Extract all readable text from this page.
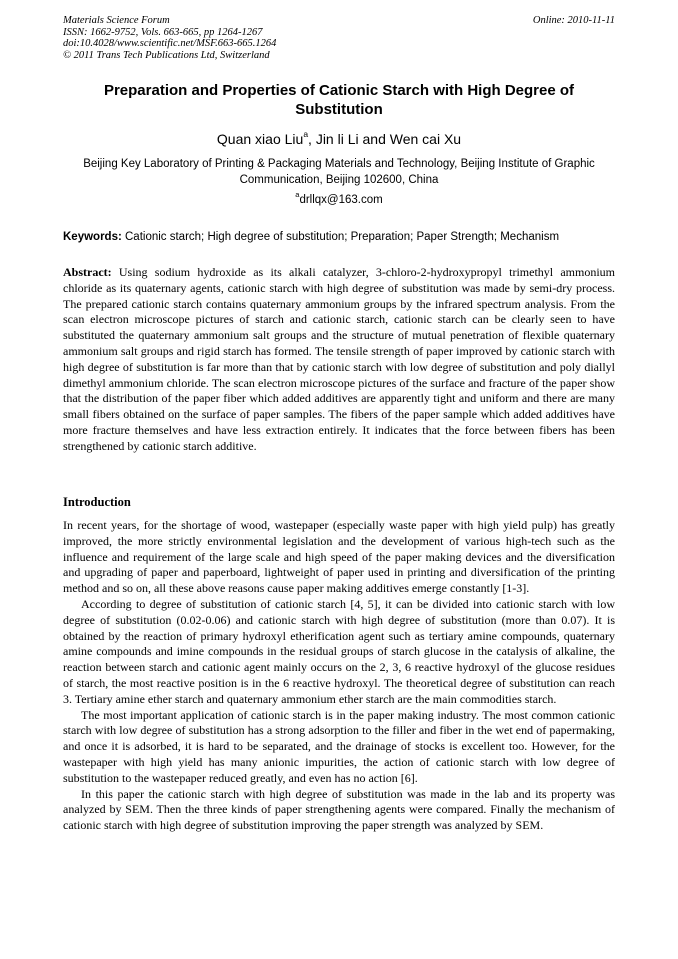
Materials Science Forum
ISSN: 1662-9752, Vols. 663-665, pp 1264-1267
doi:10.4028/www.scientific.net/MSF.663-665.1264
© 2011 Trans Tech Publications Ltd, Switzerland
Online: 2010-11-11
Preparation and Properties of Cationic Starch with High Degree of Substitution
Quan xiao Liu$^a$, Jin li Li and Wen cai Xu
Beijing Key Laboratory of Printing & Packaging Materials and Technology, Beijing Institute of Graphic Communication, Beijing 102600, China
$^a$drllqx@163.com
Keywords: Cationic starch; High degree of substitution; Preparation; Paper Strength; Mechanism
Abstract: Using sodium hydroxide as its alkali catalyzer, 3-chloro-2-hydroxypropyl trimethyl ammonium chloride as its quaternary agents, cationic starch with high degree of substitution was made by semi-dry process. The prepared cationic starch contains quaternary ammonium groups by the infrared spectrum analysis. From the scan electron microscope pictures of starch and cationic starch, cationic starch can be clearly seen to have substituted the quaternary ammonium salt groups and the structure of mutual penetration of flexible quaternary ammonium salt groups and rigid starch has formed. The tensile strength of paper improved by cationic starch with high degree of substitution is far more than that by cationic starch with low degree of substitution and poly diallyl dimethyl ammonium chloride. The scan electron microscope pictures of the surface and fracture of the paper show that the distribution of the paper fiber which added additives are apparently tight and uniform and there are many small fibers obtained on the surface of paper samples. The fibers of the paper sample which added additives have more fracture themselves and have less extraction entirely. It indicates that the force between fibers has been strengthened by cationic starch additive.
Introduction

In recent years, for the shortage of wood, wastepaper (especially waste paper with high yield pulp) has greatly improved, the more strictly environmental legislation and the development of various high-tech such as the influence and requirement of the large scale and high speed of the paper making devices and the diversification and upgrading of paper and paperboard, lightweight of paper used in printing and diversification of the printing method and so on, all these above reasons cause paper making additives emerge constantly [1-3].

According to degree of substitution of cationic starch [4, 5], it can be divided into cationic starch with low degree of substitution (0.02-0.06) and cationic starch with high degree of substitution (more than 0.07). It is obtained by the reaction of primary hydroxyl etherification agent such as tertiary amine compounds, quaternary amine compounds and imine compounds in the residual groups of starch glucose in the catalysis of alkaline, the reaction between starch and cationic agent mainly occurs on the 2, 3, 6 reactive hydroxyl of the glucose residues of starch, the most reactive position is in the 6 reactive hydroxyl. The theoretical degree of substitution can reach 3. Tertiary amine ether starch and quaternary ammonium ether starch are the main commodities starch.

The most important application of cationic starch is in the paper making industry. The most common cationic starch with low degree of substitution has a strong adsorption to the filler and fiber in the wet end of papermaking, and once it is adsorbed, it is hard to be separated, and the drainage of stocks is excellent too. However, for the wastepaper with high yield has many anionic impurities, the action of cationic starch with low degree of substitution to the wastepaper reduced greatly, and even has no action [6].

In this paper the cationic starch with high degree of substitution was made in the lab and its property was analyzed by SEM. Then the three kinds of paper strengthening agents were compared. Finally the mechanism of cationic starch with high degree of substitution improving the paper strength was analyzed by SEM.
